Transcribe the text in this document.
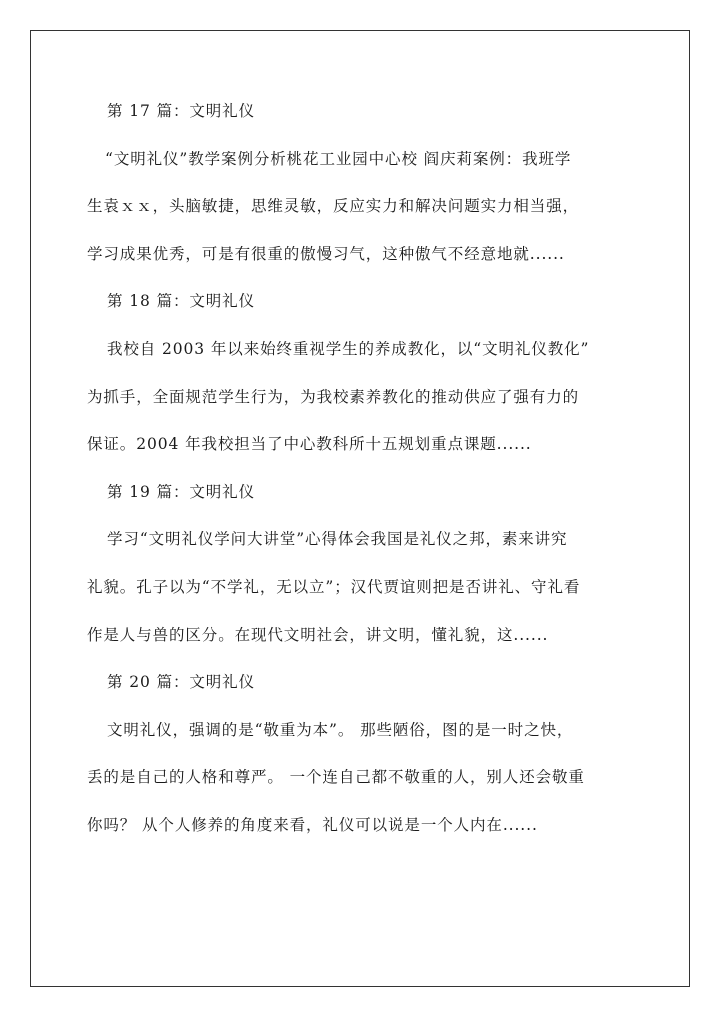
第 17 篇：文明礼仪
“文明礼仪”教学案例分析桃花工业园中心校 阎庆莉案例：我班学
生袁ｘｘ，头脑敏捷，思维灵敏，反应实力和解决问题实力相当强，
学习成果优秀，可是有很重的傲慢习气，这种傲气不经意地就......
第 18 篇：文明礼仪
我校自 2003 年以来始终重视学生的养成教化，以“文明礼仪教化”
为抓手，全面规范学生行为，为我校素养教化的推动供应了强有力的
保证。2004 年我校担当了中心教科所十五规划重点课题......
第 19 篇：文明礼仪
学习“文明礼仪学问大讲堂”心得体会我国是礼仪之邦，素来讲究
礼貌。孔子以为“不学礼，无以立”；汉代贾谊则把是否讲礼、守礼看
作是人与兽的区分。在现代文明社会，讲文明，懂礼貌，这......
第 20 篇：文明礼仪
文明礼仪，强调的是“敬重为本”。 那些陋俗，图的是一时之快，
丢的是自己的人格和尊严。 一个连自己都不敬重的人，别人还会敬重
你吗？ 从个人修养的角度来看，礼仪可以说是一个人内在......
